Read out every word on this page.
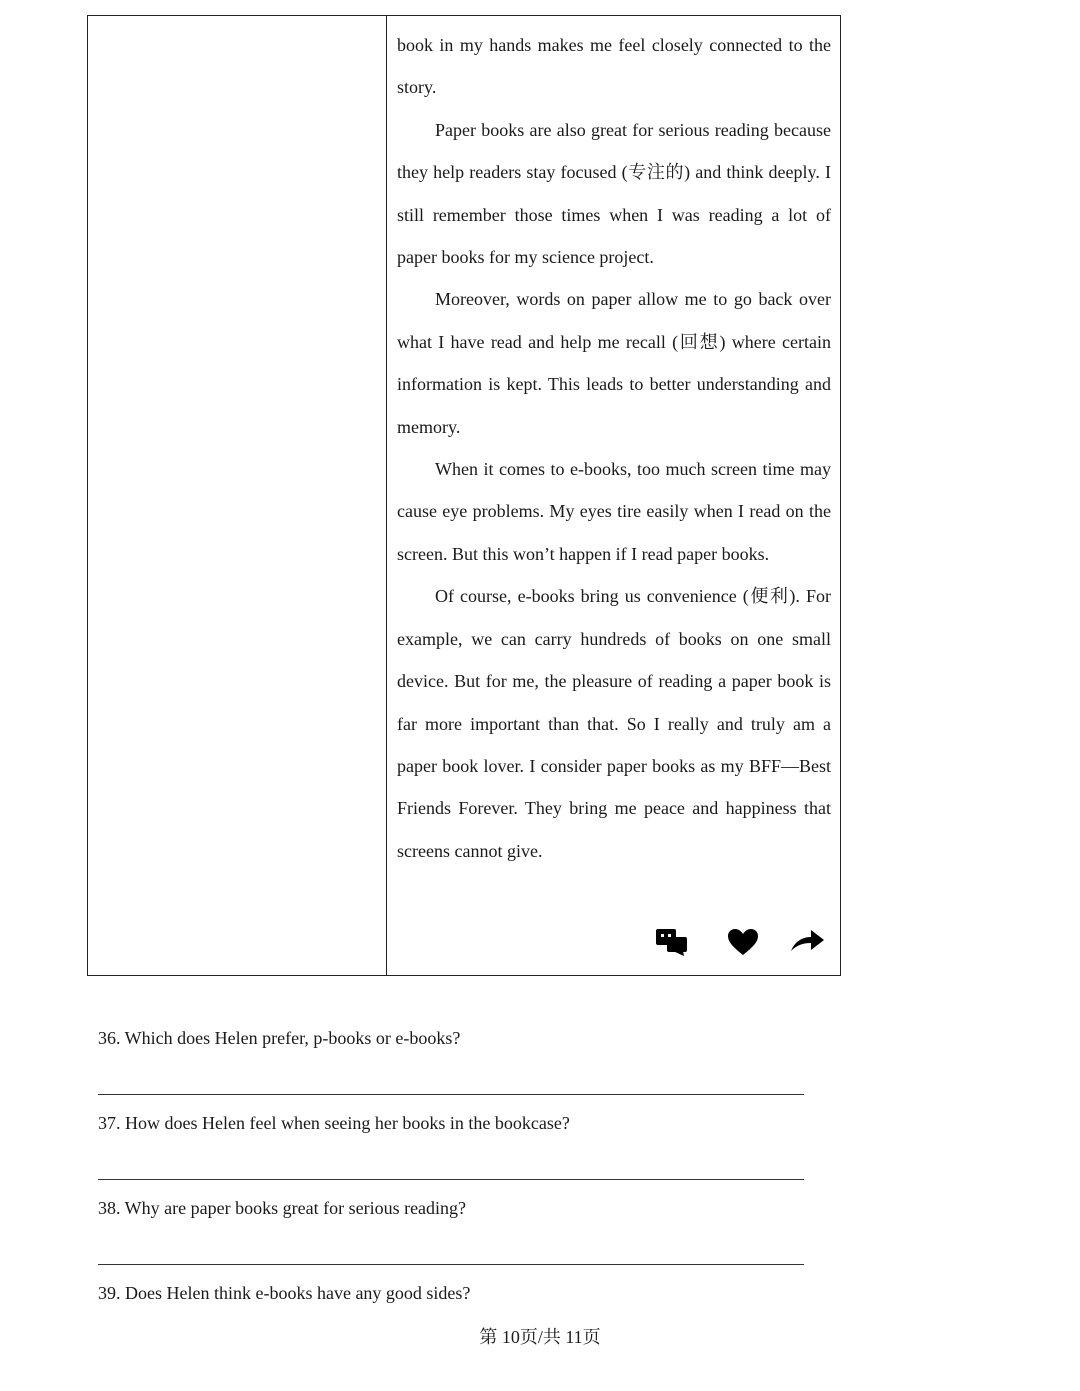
book in my hands makes me feel closely connected to the story.

Paper books are also great for serious reading because they help readers stay focused (专注的) and think deeply. I still remember those times when I was reading a lot of paper books for my science project.

Moreover, words on paper allow me to go back over what I have read and help me recall (回想) where certain information is kept. This leads to better understanding and memory.

When it comes to e-books, too much screen time may cause eye problems. My eyes tire easily when I read on the screen. But this won’t happen if I read paper books.

Of course, e-books bring us convenience (便利). For example, we can carry hundreds of books on one small device. But for me, the pleasure of reading a paper book is far more important than that. So I really and truly am a paper book lover. I consider paper books as my BFF—Best Friends Forever. They bring me peace and happiness that screens cannot give.

36. Which does Helen prefer, p-books or e-books?
37. How does Helen feel when seeing her books in the bookcase?
38. Why are paper books great for serious reading?
39. Does Helen think e-books have any good sides?
第 10页/共 11页
